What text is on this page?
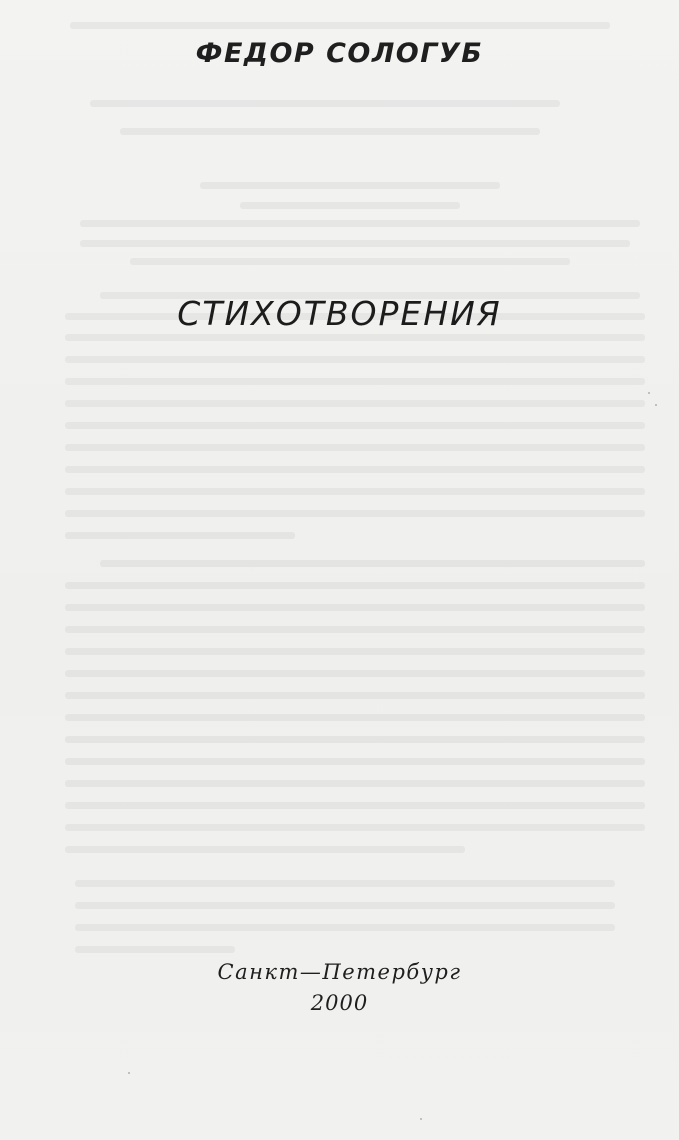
ФЕДОР СОЛОГУБ
СТИХОТВОРЕНИЯ
Санкт—Петербург
2000
